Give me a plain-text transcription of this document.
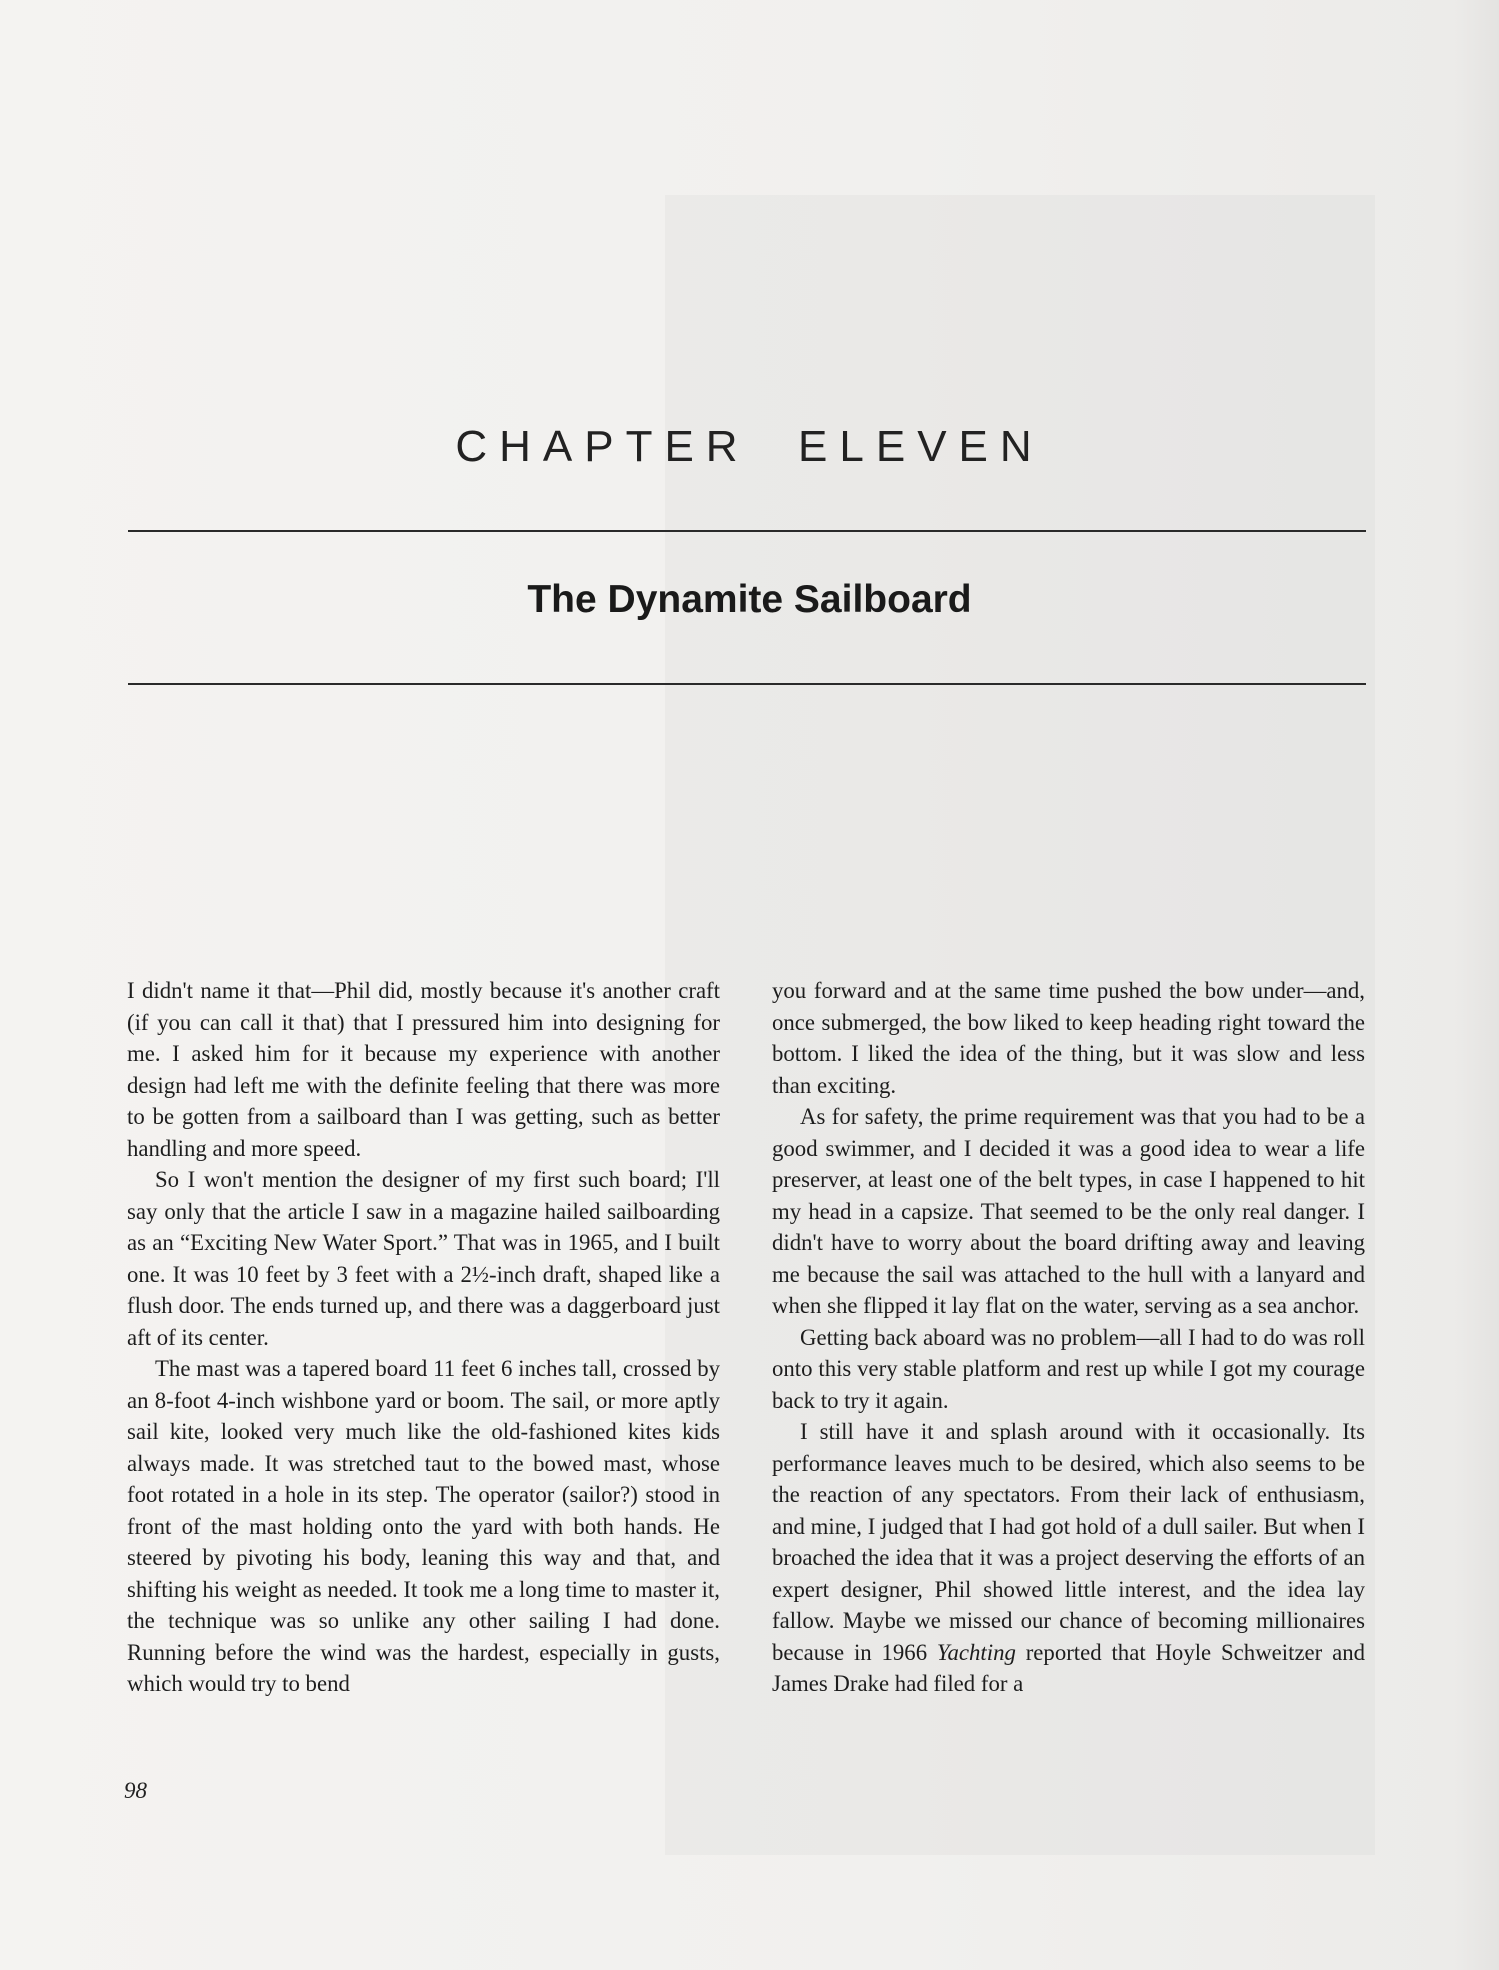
CHAPTER  ELEVEN
The Dynamite Sailboard

I didn't name it that—Phil did, mostly because it's another craft (if you can call it that) that I pressured him into designing for me. I asked him for it because my experience with another design had left me with the definite feeling that there was more to be gotten from a sailboard than I was getting, such as better handling and more speed.

So I won't mention the designer of my first such board; I'll say only that the article I saw in a magazine hailed sailboarding as an “Exciting New Water Sport.” That was in 1965, and I built one. It was 10 feet by 3 feet with a 2½-inch draft, shaped like a flush door. The ends turned up, and there was a daggerboard just aft of its center.

The mast was a tapered board 11 feet 6 inches tall, crossed by an 8-foot 4-inch wishbone yard or boom. The sail, or more aptly sail kite, looked very much like the old-fashioned kites kids always made. It was stretched taut to the bowed mast, whose foot rotated in a hole in its step. The operator (sailor?) stood in front of the mast holding onto the yard with both hands. He steered by pivoting his body, leaning this way and that, and shifting his weight as needed. It took me a long time to master it, the technique was so unlike any other sailing I had done. Running before the wind was the hardest, especially in gusts, which would try to bend

you forward and at the same time pushed the bow under—and, once submerged, the bow liked to keep heading right toward the bottom. I liked the idea of the thing, but it was slow and less than exciting.

As for safety, the prime requirement was that you had to be a good swimmer, and I decided it was a good idea to wear a life preserver, at least one of the belt types, in case I happened to hit my head in a capsize. That seemed to be the only real danger. I didn't have to worry about the board drifting away and leaving me because the sail was attached to the hull with a lanyard and when she flipped it lay flat on the water, serving as a sea anchor.

Getting back aboard was no problem—all I had to do was roll onto this very stable platform and rest up while I got my courage back to try it again.

I still have it and splash around with it occasionally. Its performance leaves much to be desired, which also seems to be the reaction of any spectators. From their lack of enthusiasm, and mine, I judged that I had got hold of a dull sailer. But when I broached the idea that it was a project deserving the efforts of an expert designer, Phil showed little interest, and the idea lay fallow. Maybe we missed our chance of becoming millionaires because in 1966 Yachting reported that Hoyle Schweitzer and James Drake had filed for a

98
